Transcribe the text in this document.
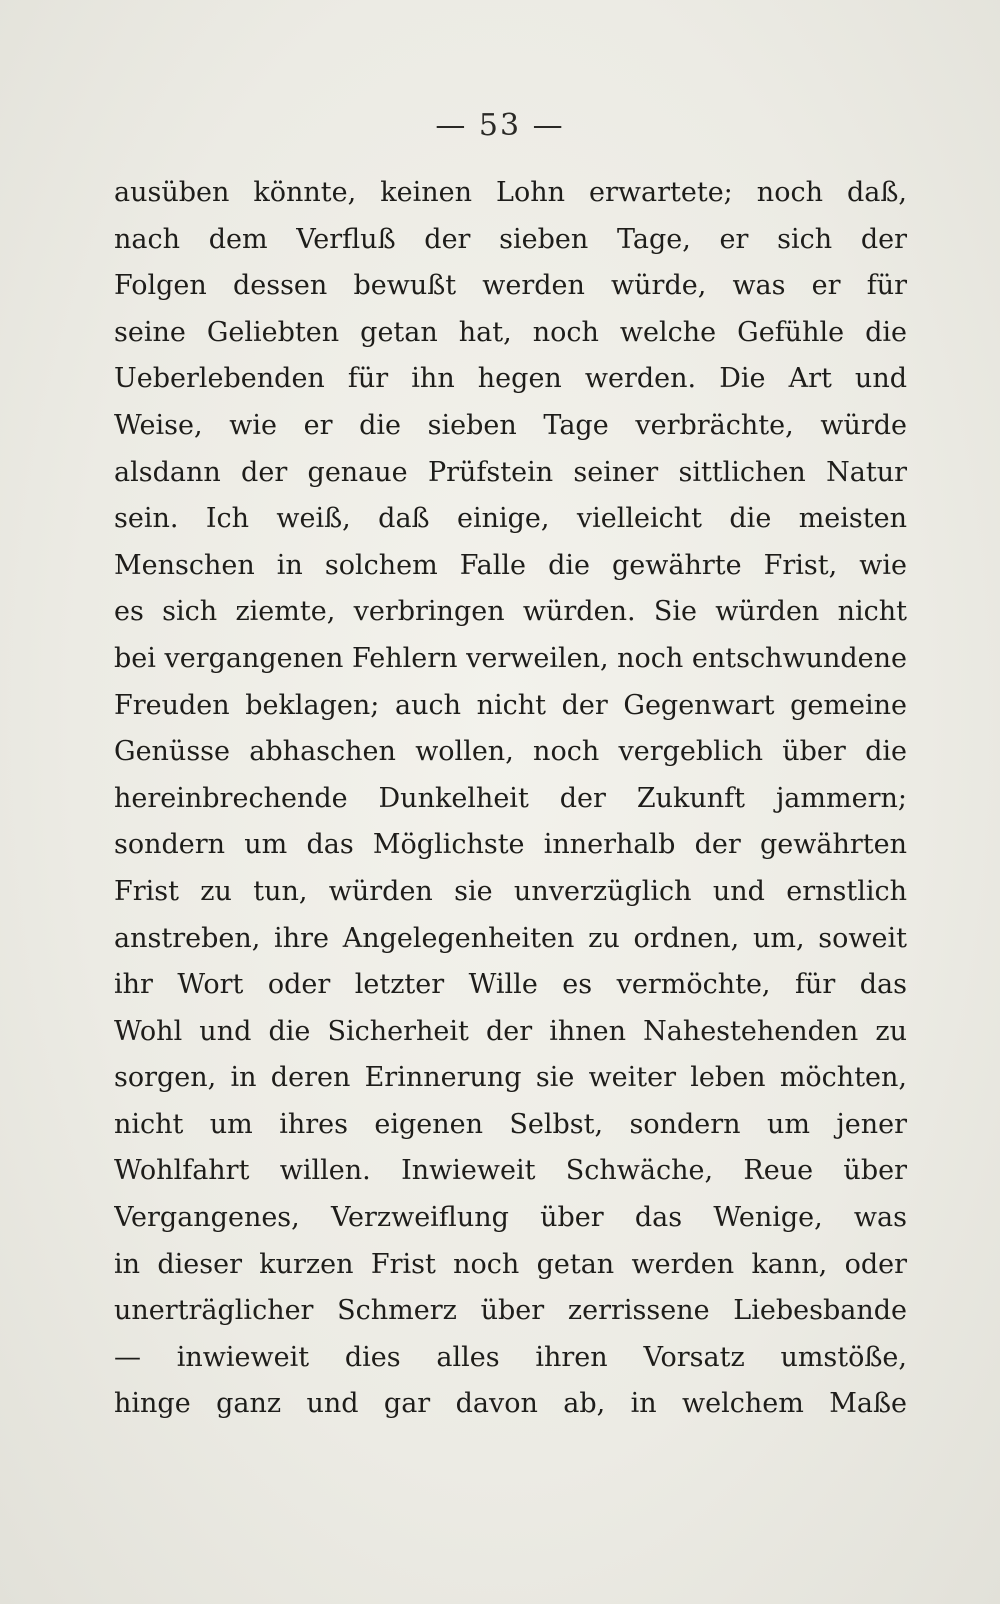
— 53 —
ausüben könnte, keinen Lohn erwartete; noch daß,
nach dem Verfluß der sieben Tage, er sich der
Folgen dessen bewußt werden würde, was er für
seine Geliebten getan hat, noch welche Gefühle die
Ueberlebenden für ihn hegen werden. Die Art und
Weise, wie er die sieben Tage verbrächte, würde
alsdann der genaue Prüfstein seiner sittlichen Natur
sein. Ich weiß, daß einige, vielleicht die meisten
Menschen in solchem Falle die gewährte Frist, wie
es sich ziemte, verbringen würden. Sie würden nicht
bei vergangenen Fehlern verweilen, noch entschwundene
Freuden beklagen; auch nicht der Gegenwart gemeine
Genüsse abhaschen wollen, noch vergeblich über die
hereinbrechende Dunkelheit der Zukunft jammern;
sondern um das Möglichste innerhalb der gewährten
Frist zu tun, würden sie unverzüglich und ernstlich
anstreben, ihre Angelegenheiten zu ordnen, um, soweit
ihr Wort oder letzter Wille es vermöchte, für das
Wohl und die Sicherheit der ihnen Nahestehenden zu
sorgen, in deren Erinnerung sie weiter leben möchten,
nicht um ihres eigenen Selbst, sondern um jener
Wohlfahrt willen. Inwieweit Schwäche, Reue über
Vergangenes, Verzweiflung über das Wenige, was
in dieser kurzen Frist noch getan werden kann, oder
unerträglicher Schmerz über zerrissene Liebesbande
— inwieweit dies alles ihren Vorsatz umstöße,
hinge ganz und gar davon ab, in welchem Maße
